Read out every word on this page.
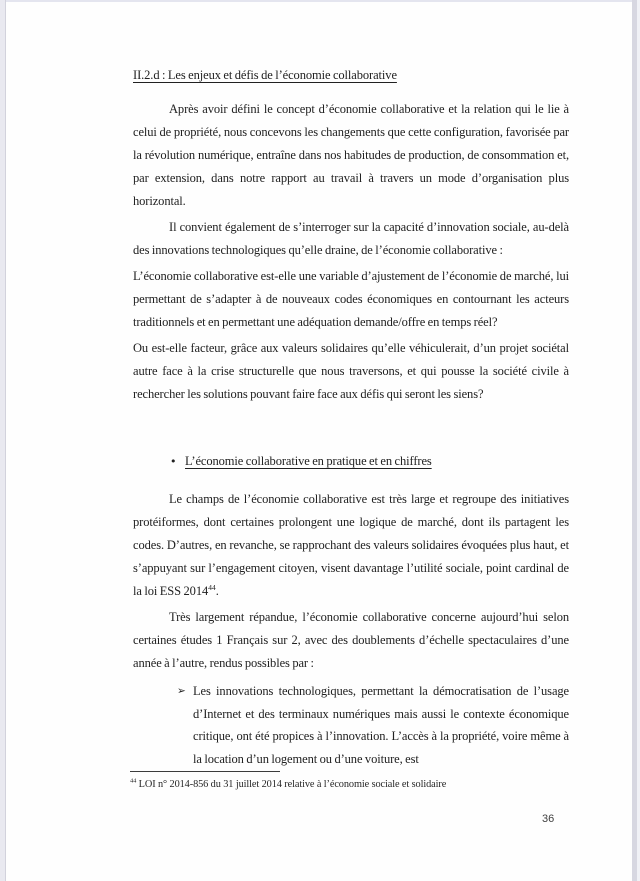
II.2.d : Les enjeux et défis de l’économie collaborative

Après avoir défini le concept d’économie collaborative et la relation qui le lie à celui de propriété, nous concevons les changements que cette configuration, favorisée par la révolution numérique, entraîne dans nos habitudes de production, de consommation et, par extension, dans notre rapport au travail à travers un mode d’organisation plus horizontal.

Il convient également de s’interroger sur la capacité d’innovation sociale, au-delà des innovations technologiques qu’elle draine, de l’économie collaborative :

L’économie collaborative est-elle une variable d’ajustement de l’économie de marché, lui permettant de s’adapter à de nouveaux codes économiques en contournant les acteurs traditionnels et en permettant une adéquation demande/offre en temps réel?

Ou est-elle facteur, grâce aux valeurs solidaires qu’elle véhiculerait, d’un projet sociétal autre face à la crise structurelle que nous traversons, et qui pousse la société civile à rechercher les solutions pouvant faire face aux défis qui seront les siens?

• L’économie collaborative en pratique et en chiffres

Le champs de l’économie collaborative est très large et regroupe des initiatives protéiformes, dont certaines prolongent une logique de marché, dont ils partagent les codes. D’autres, en revanche, se rapprochant des valeurs solidaires évoquées plus haut, et s’appuyant sur l’engagement citoyen, visent davantage l’utilité sociale, point cardinal de la loi ESS 2014$^{44}$.

Très largement répandue, l’économie collaborative concerne aujourd’hui selon certaines études 1 Français sur 2, avec des doublements d’échelle spectaculaires d’une année à l’autre, rendus possibles par :

➢ Les innovations technologiques, permettant la démocratisation de l’usage d’Internet et des terminaux numériques mais aussi le contexte économique critique, ont été propices à l’innovation. L’accès à la propriété, voire même à la location d’un logement ou d’une voiture, est
$^{44}$ LOI n° 2014-856 du 31 juillet 2014 relative à l’économie sociale et solidaire
36
